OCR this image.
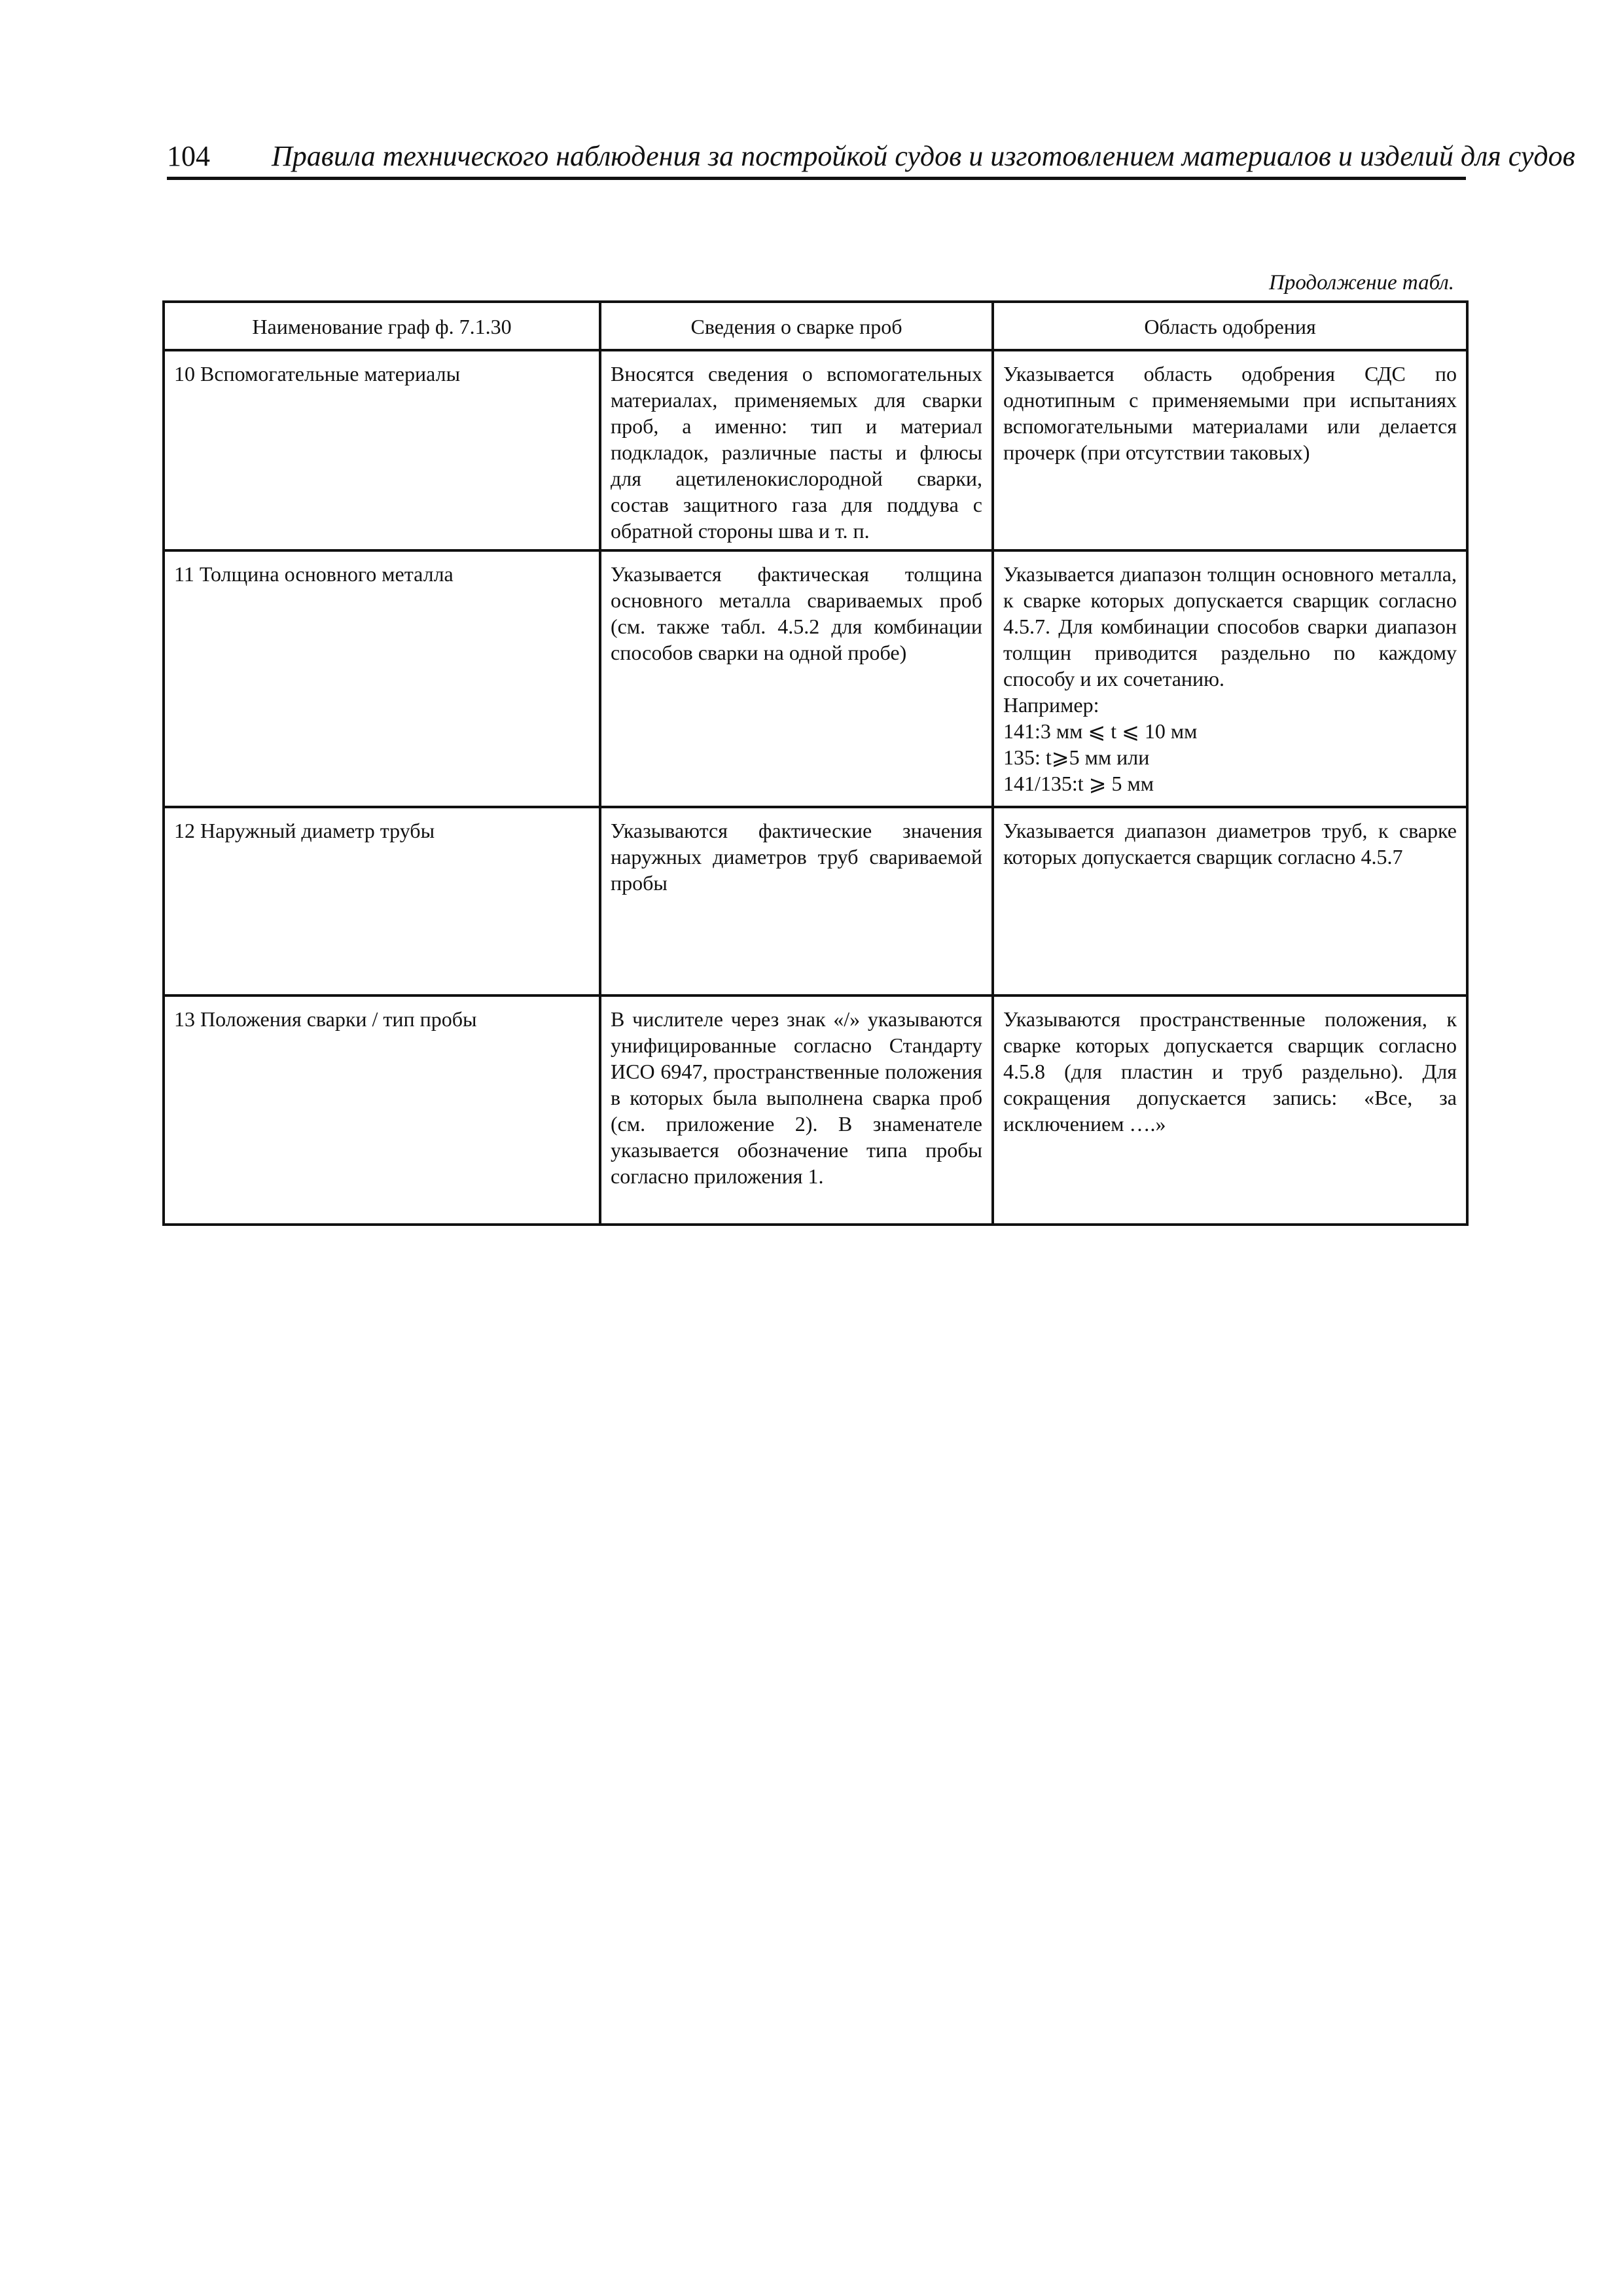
104 Правила технического наблюдения за постройкой судов и изготовлением материалов и изделий для судов
Продолжение табл.
Наименование граф ф. 7.1.30	Сведения о сварке проб	Область одобрения
10 Вспомогательные материалы	Вносятся сведения о вспомогательных материалах, применяемых для сварки проб, а именно: тип и материал подкладок, различные пасты и флюсы для ацетиленокислородной сварки, состав защитного газа для поддува с обратной стороны шва и т. п.	Указывается область одобрения СДС по однотипным с применяемыми при испытаниях вспомогательными материалами или делается прочерк (при отсутствии таковых)
11 Толщина основного металла	Указывается фактическая толщина основного металла свариваемых проб (см. также табл. 4.5.2 для комбинации способов сварки на одной пробе)	Указывается диапазон толщин основного металла, к сварке которых допускается сварщик согласно 4.5.7. Для комбинации способов сварки диапазон толщин приводится раздельно по каждому способу и их сочетанию.
Например:
141:3 мм ⩽ t ⩽ 10 мм
135: t⩾5 мм или
141/135:t ⩾ 5 мм

12 Наружный диаметр трубы	Указываются фактические значения наружных диаметров труб свариваемой пробы	Указывается диапазон диаметров труб, к сварке которых допускается сварщик согласно 4.5.7
13 Положения сварки / тип пробы	В числителе через знак «/» указываются унифицированные согласно Стандарту ИСО 6947, пространственные положения в которых была выполнена сварка проб (см. приложение 2). В знаменателе указывается обозначение типа пробы согласно приложения 1.	Указываются пространственные положения, к сварке которых допускается сварщик согласно 4.5.8 (для пластин и труб раздельно). Для сокращения допускается запись: «Все, за исключением ….»
